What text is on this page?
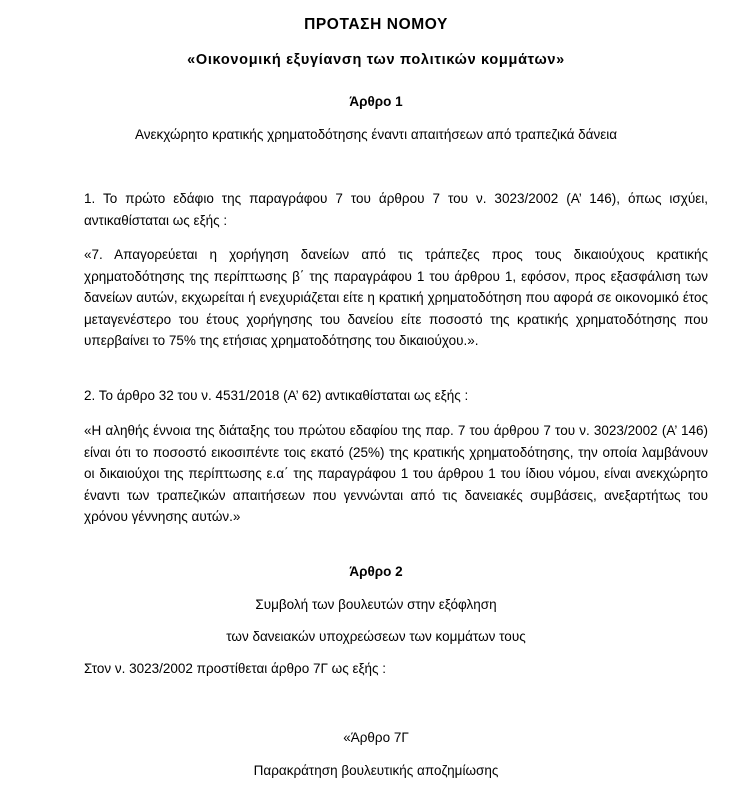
ΠΡΟΤΑΣΗ ΝΟΜΟΥ
«Οικονομική εξυγίανση των πολιτικών κομμάτων»
Άρθρο 1
Ανεκχώρητο κρατικής χρηματοδότησης έναντι απαιτήσεων από τραπεζικά δάνεια
1. Το πρώτο εδάφιο της παραγράφου 7 του άρθρου 7 του ν. 3023/2002 (Α’ 146), όπως ισχύει, αντικαθίσταται ως εξής :
«7. Απαγορεύεται η χορήγηση δανείων από τις τράπεζες προς τους δικαιούχους κρατικής χρηματοδότησης της περίπτωσης β΄ της παραγράφου 1 του άρθρου 1, εφόσον, προς εξασφάλιση των δανείων αυτών, εκχωρείται ή ενεχυριάζεται είτε η κρατική χρηματοδότηση που αφορά σε οικονομικό έτος μεταγενέστερο του έτους χορήγησης του δανείου είτε ποσοστό της κρατικής χρηματοδότησης που υπερβαίνει το 75% της ετήσιας χρηματοδότησης του δικαιούχου.».
2. Το άρθρο 32 του ν. 4531/2018 (Α’ 62) αντικαθίσταται ως εξής :
«Η αληθής έννοια της διάταξης του πρώτου εδαφίου της παρ. 7 του άρθρου 7 του ν. 3023/2002 (Α’ 146) είναι ότι το ποσοστό εικοσιπέντε τοις εκατό (25%) της κρατικής χρηματοδότησης, την οποία λαμβάνουν οι δικαιούχοι της περίπτωσης ε.α΄ της παραγράφου 1 του άρθρου 1 του ίδιου νόμου, είναι ανεκχώρητο έναντι των τραπεζικών απαιτήσεων που γεννώνται από τις δανειακές συμβάσεις, ανεξαρτήτως του χρόνου γέννησης αυτών.»
Άρθρο 2
Συμβολή των βουλευτών στην εξόφληση
των δανειακών υποχρεώσεων των κομμάτων τους
Στον ν. 3023/2002 προστίθεται άρθρο 7Γ ως εξής :
«Άρθρο 7Γ
Παρακράτηση βουλευτικής αποζημίωσης
